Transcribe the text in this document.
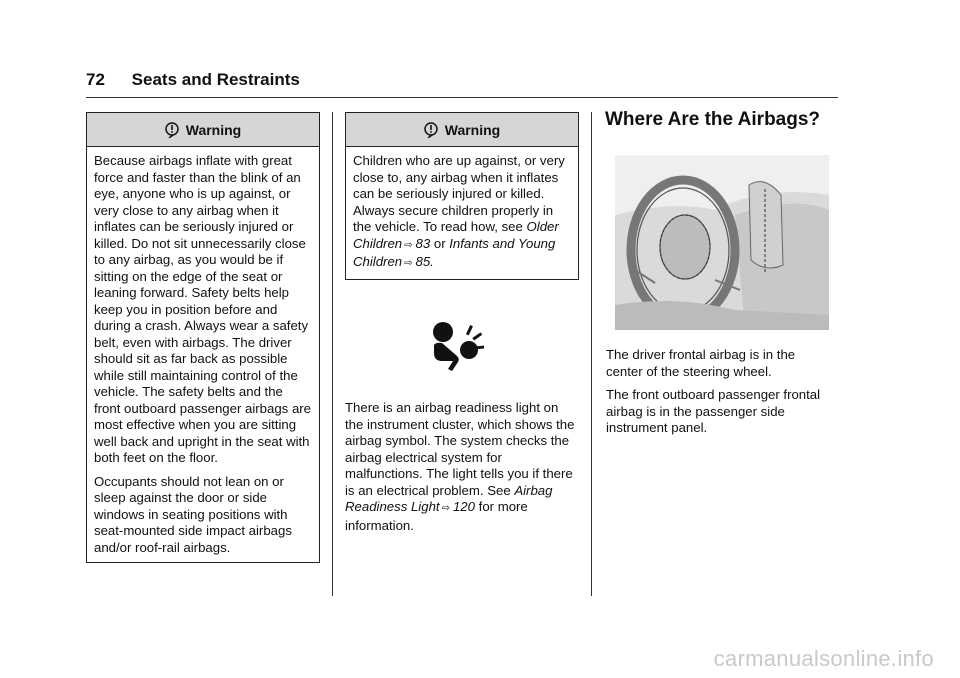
72 Seats and Restraints
Warning

Because airbags inflate with great force and faster than the blink of an eye, anyone who is up against, or very close to any airbag when it inflates can be seriously injured or killed. Do not sit unnecessarily close to any airbag, as you would be if sitting on the edge of the seat or leaning forward. Safety belts help keep you in position before and during a crash. Always wear a safety belt, even with airbags. The driver should sit as far back as possible while still maintaining control of the vehicle. The safety belts and the front outboard passenger airbags are most effective when you are sitting well back and upright in the seat with both feet on the floor.

Occupants should not lean on or sleep against the door or side windows in seating positions with seat-mounted side impact airbags and/or roof-rail airbags.

Warning

Children who are up against, or very close to, any airbag when it inflates can be seriously injured or killed. Always secure children properly in the vehicle. To read how, see Older Children ⇨ 83 or Infants and Young Children ⇨ 85.

There is an airbag readiness light on the instrument cluster, which shows the airbag symbol. The system checks the airbag electrical system for malfunctions. The light tells you if there is an electrical problem. See Airbag Readiness Light ⇨ 120 for more information.
Where Are the Airbags?

The driver frontal airbag is in the center of the steering wheel.

The front outboard passenger frontal airbag is in the passenger side instrument panel.

carmanualsonline.info
